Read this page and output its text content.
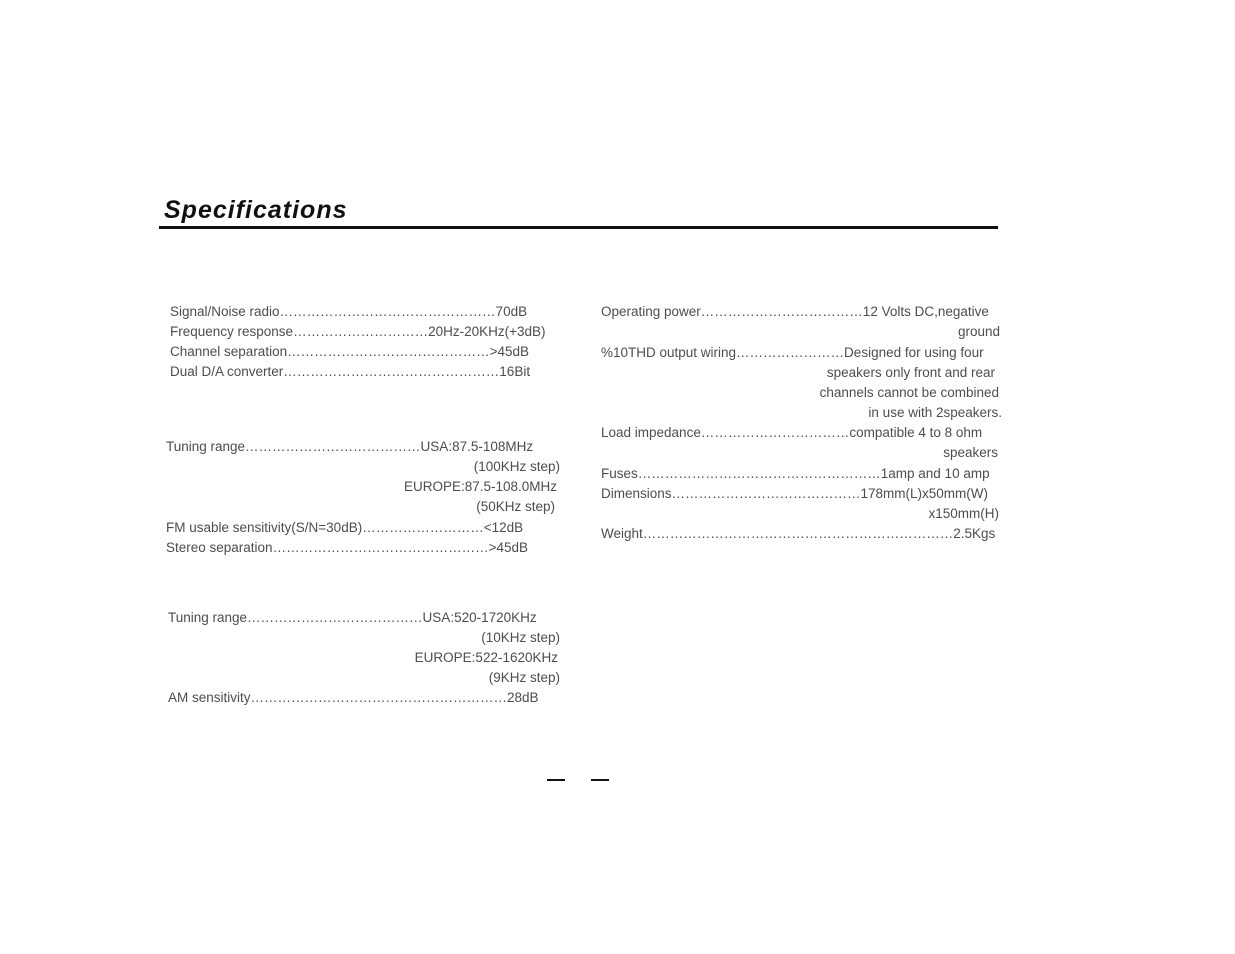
Specifications
Signal/Noise radio…………………………………………70dB
Frequency response…………………………20Hz-20KHz(+3dB)
Channel separation………………………………………>45dB
Dual D/A converter…………………………………………16Bit
Tuning range…………………………………USA:87.5-108MHz
(100KHz step)
EUROPE:87.5-108.0MHz
(50KHz step)
FM usable sensitivity(S/N=30dB)………………………<12dB
Stereo separation…………………………………………>45dB
Tuning range…………………………………USA:520-1720KHz
(10KHz step)
EUROPE:522-1620KHz
(9KHz step)
AM sensitivity…………………………………………………28dB
Operating power………………………………12 Volts DC,negative
ground
%10THD output wiring……………………Designed for using four
speakers only front and rear
channels cannot be combined
in use with 2speakers.
Load impedance……………………………compatible 4 to 8 ohm
speakers
Fuses………………………………………………1amp and 10 amp
Dimensions……………………………………178mm(L)x50mm(W)
x150mm(H)
Weight……………………………………………………………2.5Kgs
